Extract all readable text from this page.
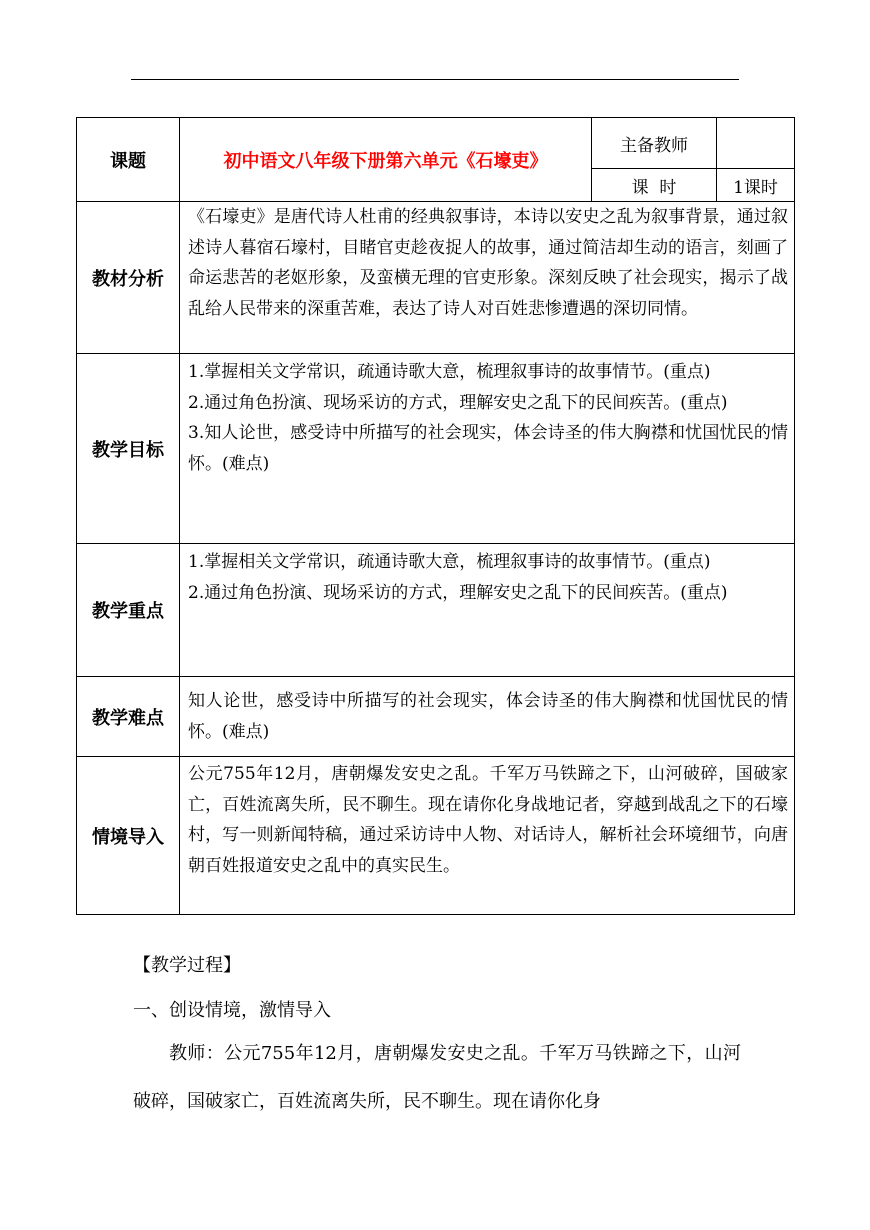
课题	初中语文八年级下册第六单元《石壕吏》	主备教师	
		课  时	1课时
教材分析	《石壕吏》是唐代诗人杜甫的经典叙事诗，本诗以安史之乱为叙事背景，通过叙述诗人暮宿石壕村，目睹官吏趁夜捉人的故事，通过简洁却生动的语言，刻画了命运悲苦的老妪形象，及蛮横无理的官吏形象。深刻反映了社会现实，揭示了战乱给人民带来的深重苦难，表达了诗人对百姓悲惨遭遇的深切同情。		

教学目标	1.掌握相关文学常识，疏通诗歌大意，梳理叙事诗的故事情节。(重点)

2.通过角色扮演、现场采访的方式，理解安史之乱下的民间疾苦。(重点)

3.知人论世，感受诗中所描写的社会现实，体会诗圣的伟大胸襟和忧国忧民的情怀。(难点)		

教学重点	1.掌握相关文学常识，疏通诗歌大意，梳理叙事诗的故事情节。(重点)

2.通过角色扮演、现场采访的方式，理解安史之乱下的民间疾苦。(重点)		

教学难点	知人论世，感受诗中所描写的社会现实，体会诗圣的伟大胸襟和忧国忧民的情怀。(难点)		

情境导入	公元755年12月，唐朝爆发安史之乱。千军万马铁蹄之下，山河破碎，国破家亡，百姓流离失所，民不聊生。现在请你化身战地记者，穿越到战乱之下的石壕村，写一则新闻特稿，通过采访诗中人物、对话诗人，解析社会环境细节，向唐朝百姓报道安史之乱中的真实民生。		

【教学过程】
一、创设情境，激情导入
教师：公元755年12月，唐朝爆发安史之乱。千军万马铁蹄之下，山河破碎，国破家亡，百姓流离失所，民不聊生。现在请你化身
